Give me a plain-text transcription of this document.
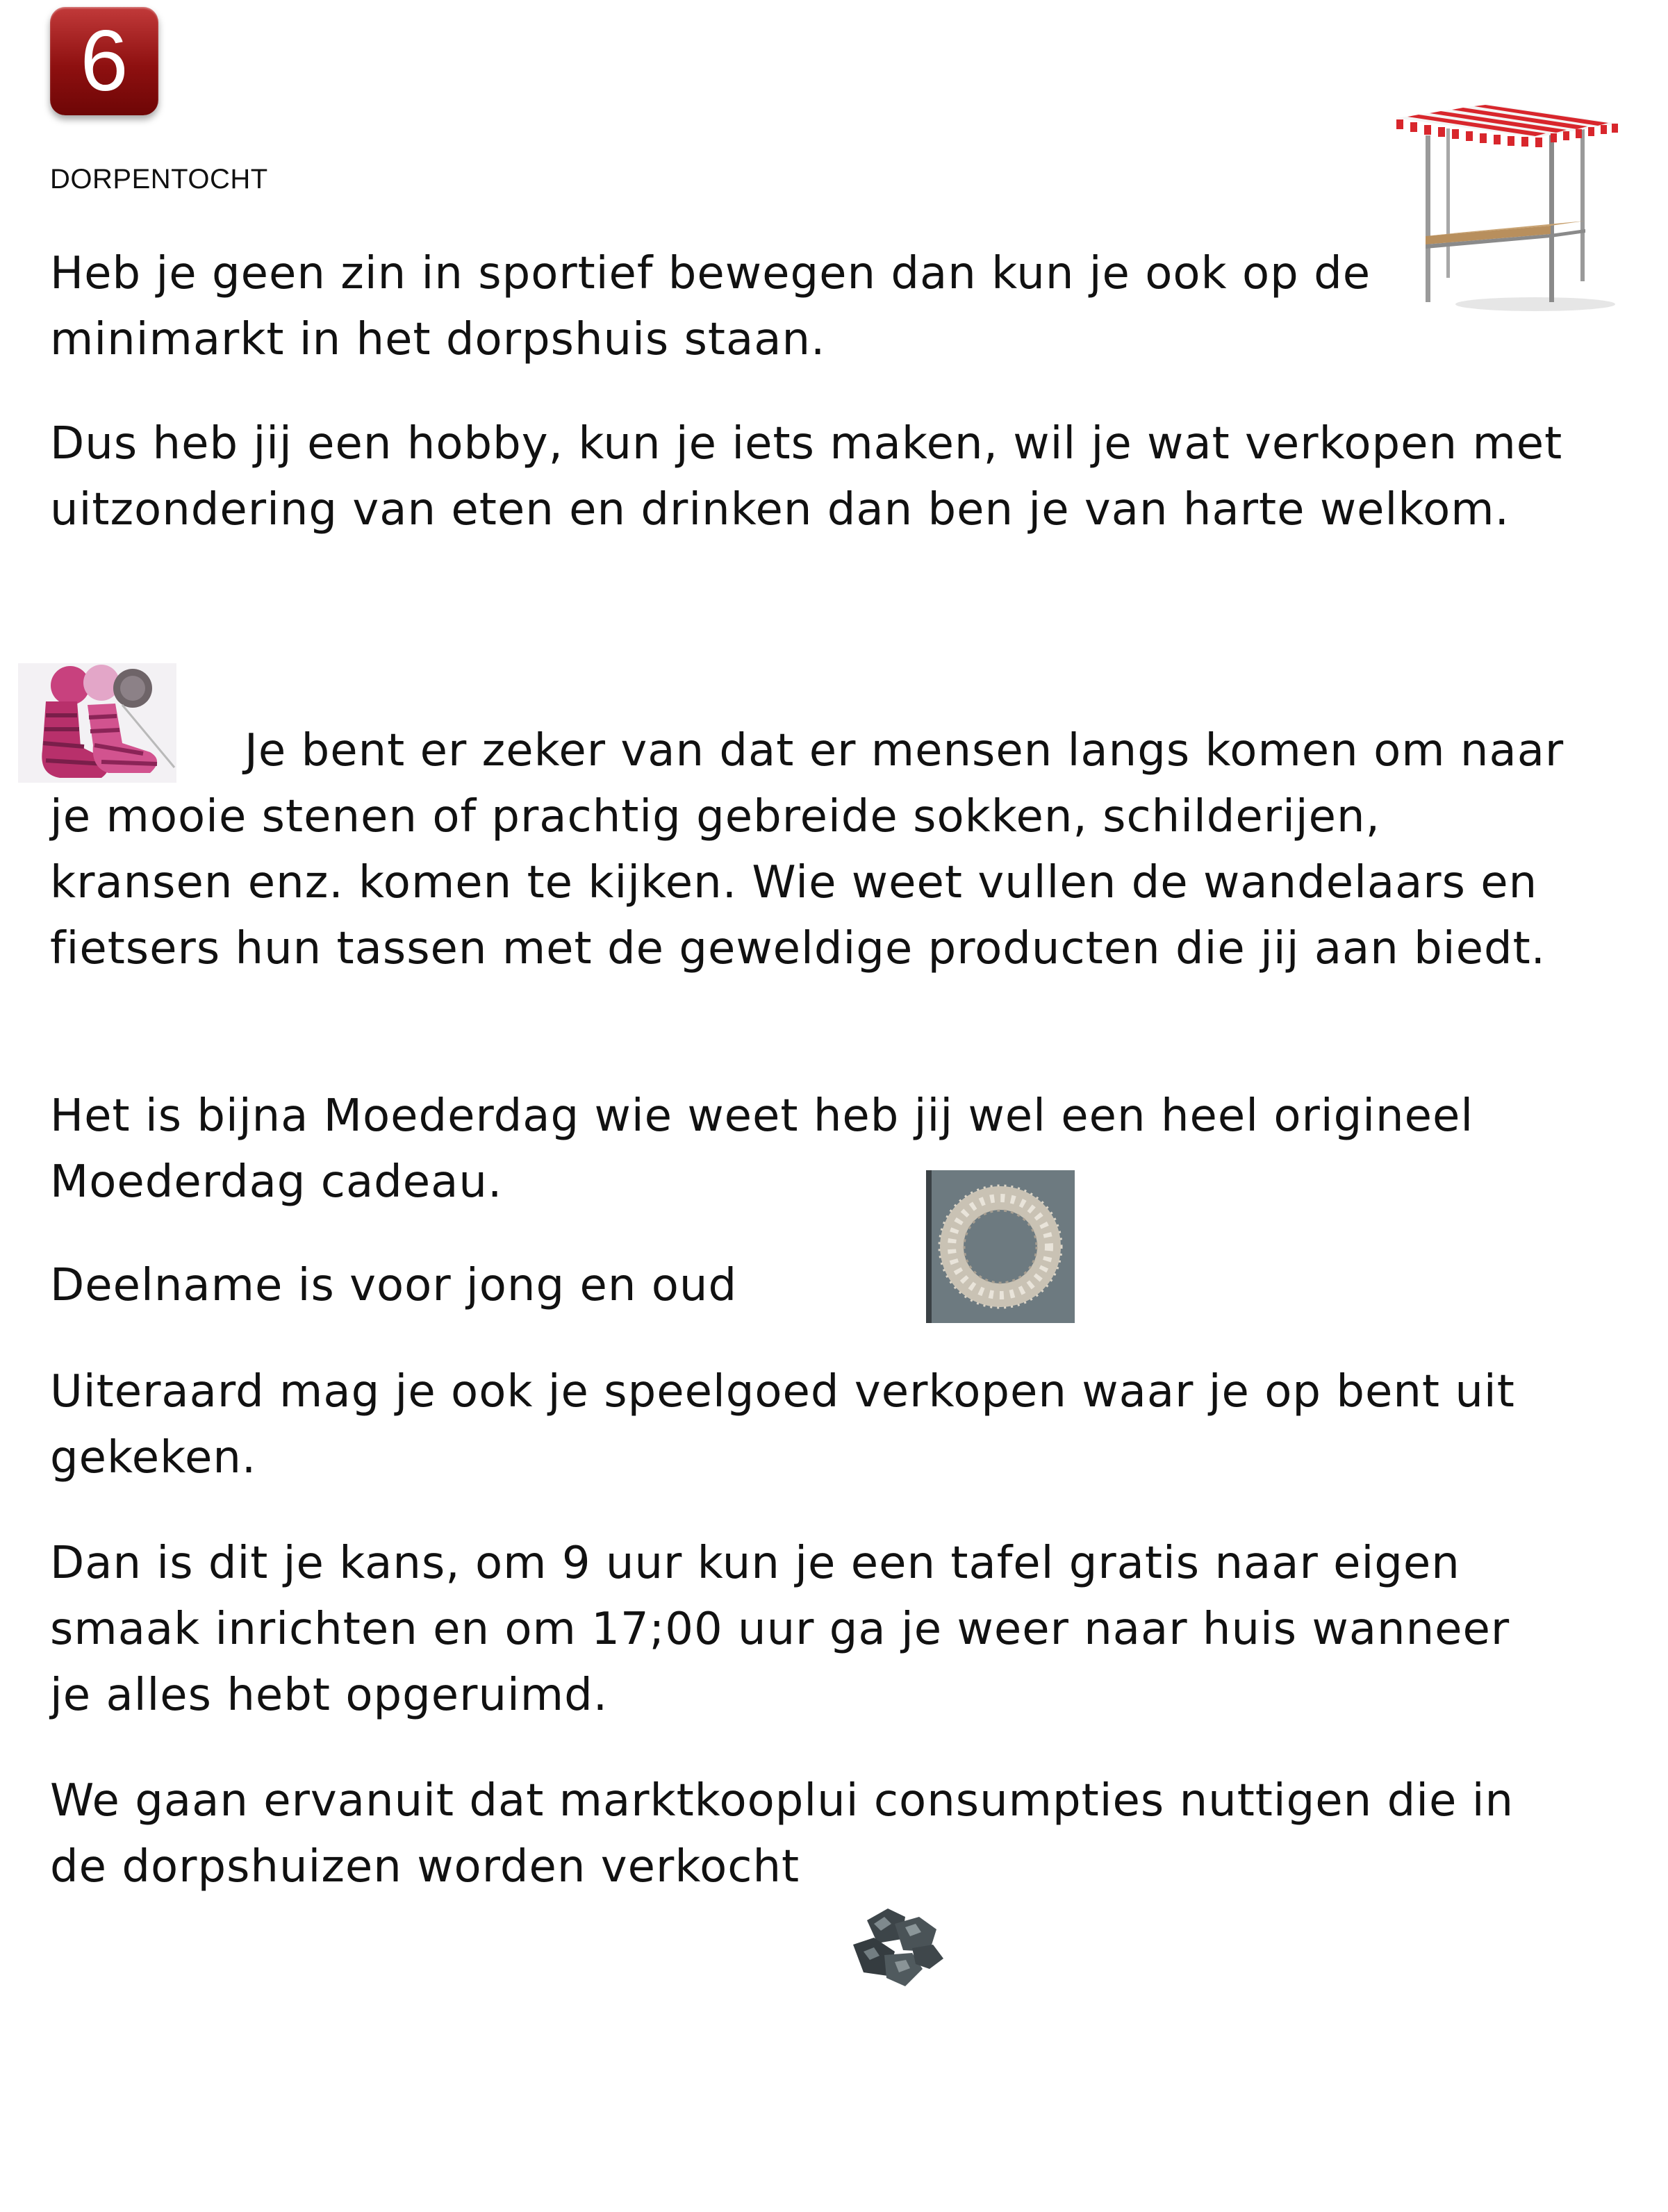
6
DORPENTOCHT

Heb je geen zin in sportief bewegen dan kun je ook op de minimarkt in het dorpshuis staan.

Dus heb jij een hobby, kun je iets maken, wil je wat verkopen met uitzondering van eten en drinken dan ben je van harte welkom.

Je bent er zeker van dat er mensen langs komen om naar je mooie stenen of prachtig gebreide sokken, schilderijen, kransen enz. komen te kijken. Wie weet vullen de wandelaars en fietsers hun tassen met de geweldige producten die jij aan biedt.

Het is bijna Moederdag wie weet heb jij wel een heel origineel Moederdag cadeau.

Deelname is voor jong en oud

Uiteraard mag je ook je speelgoed verkopen waar je op bent uit gekeken.

Dan is dit je kans, om 9 uur kun je een tafel gratis naar eigen smaak inrichten en om 17;00 uur ga je weer naar huis wanneer je alles hebt opgeruimd.

We gaan ervanuit dat marktkooplui consumpties nuttigen die in de dorpshuizen worden verkocht
